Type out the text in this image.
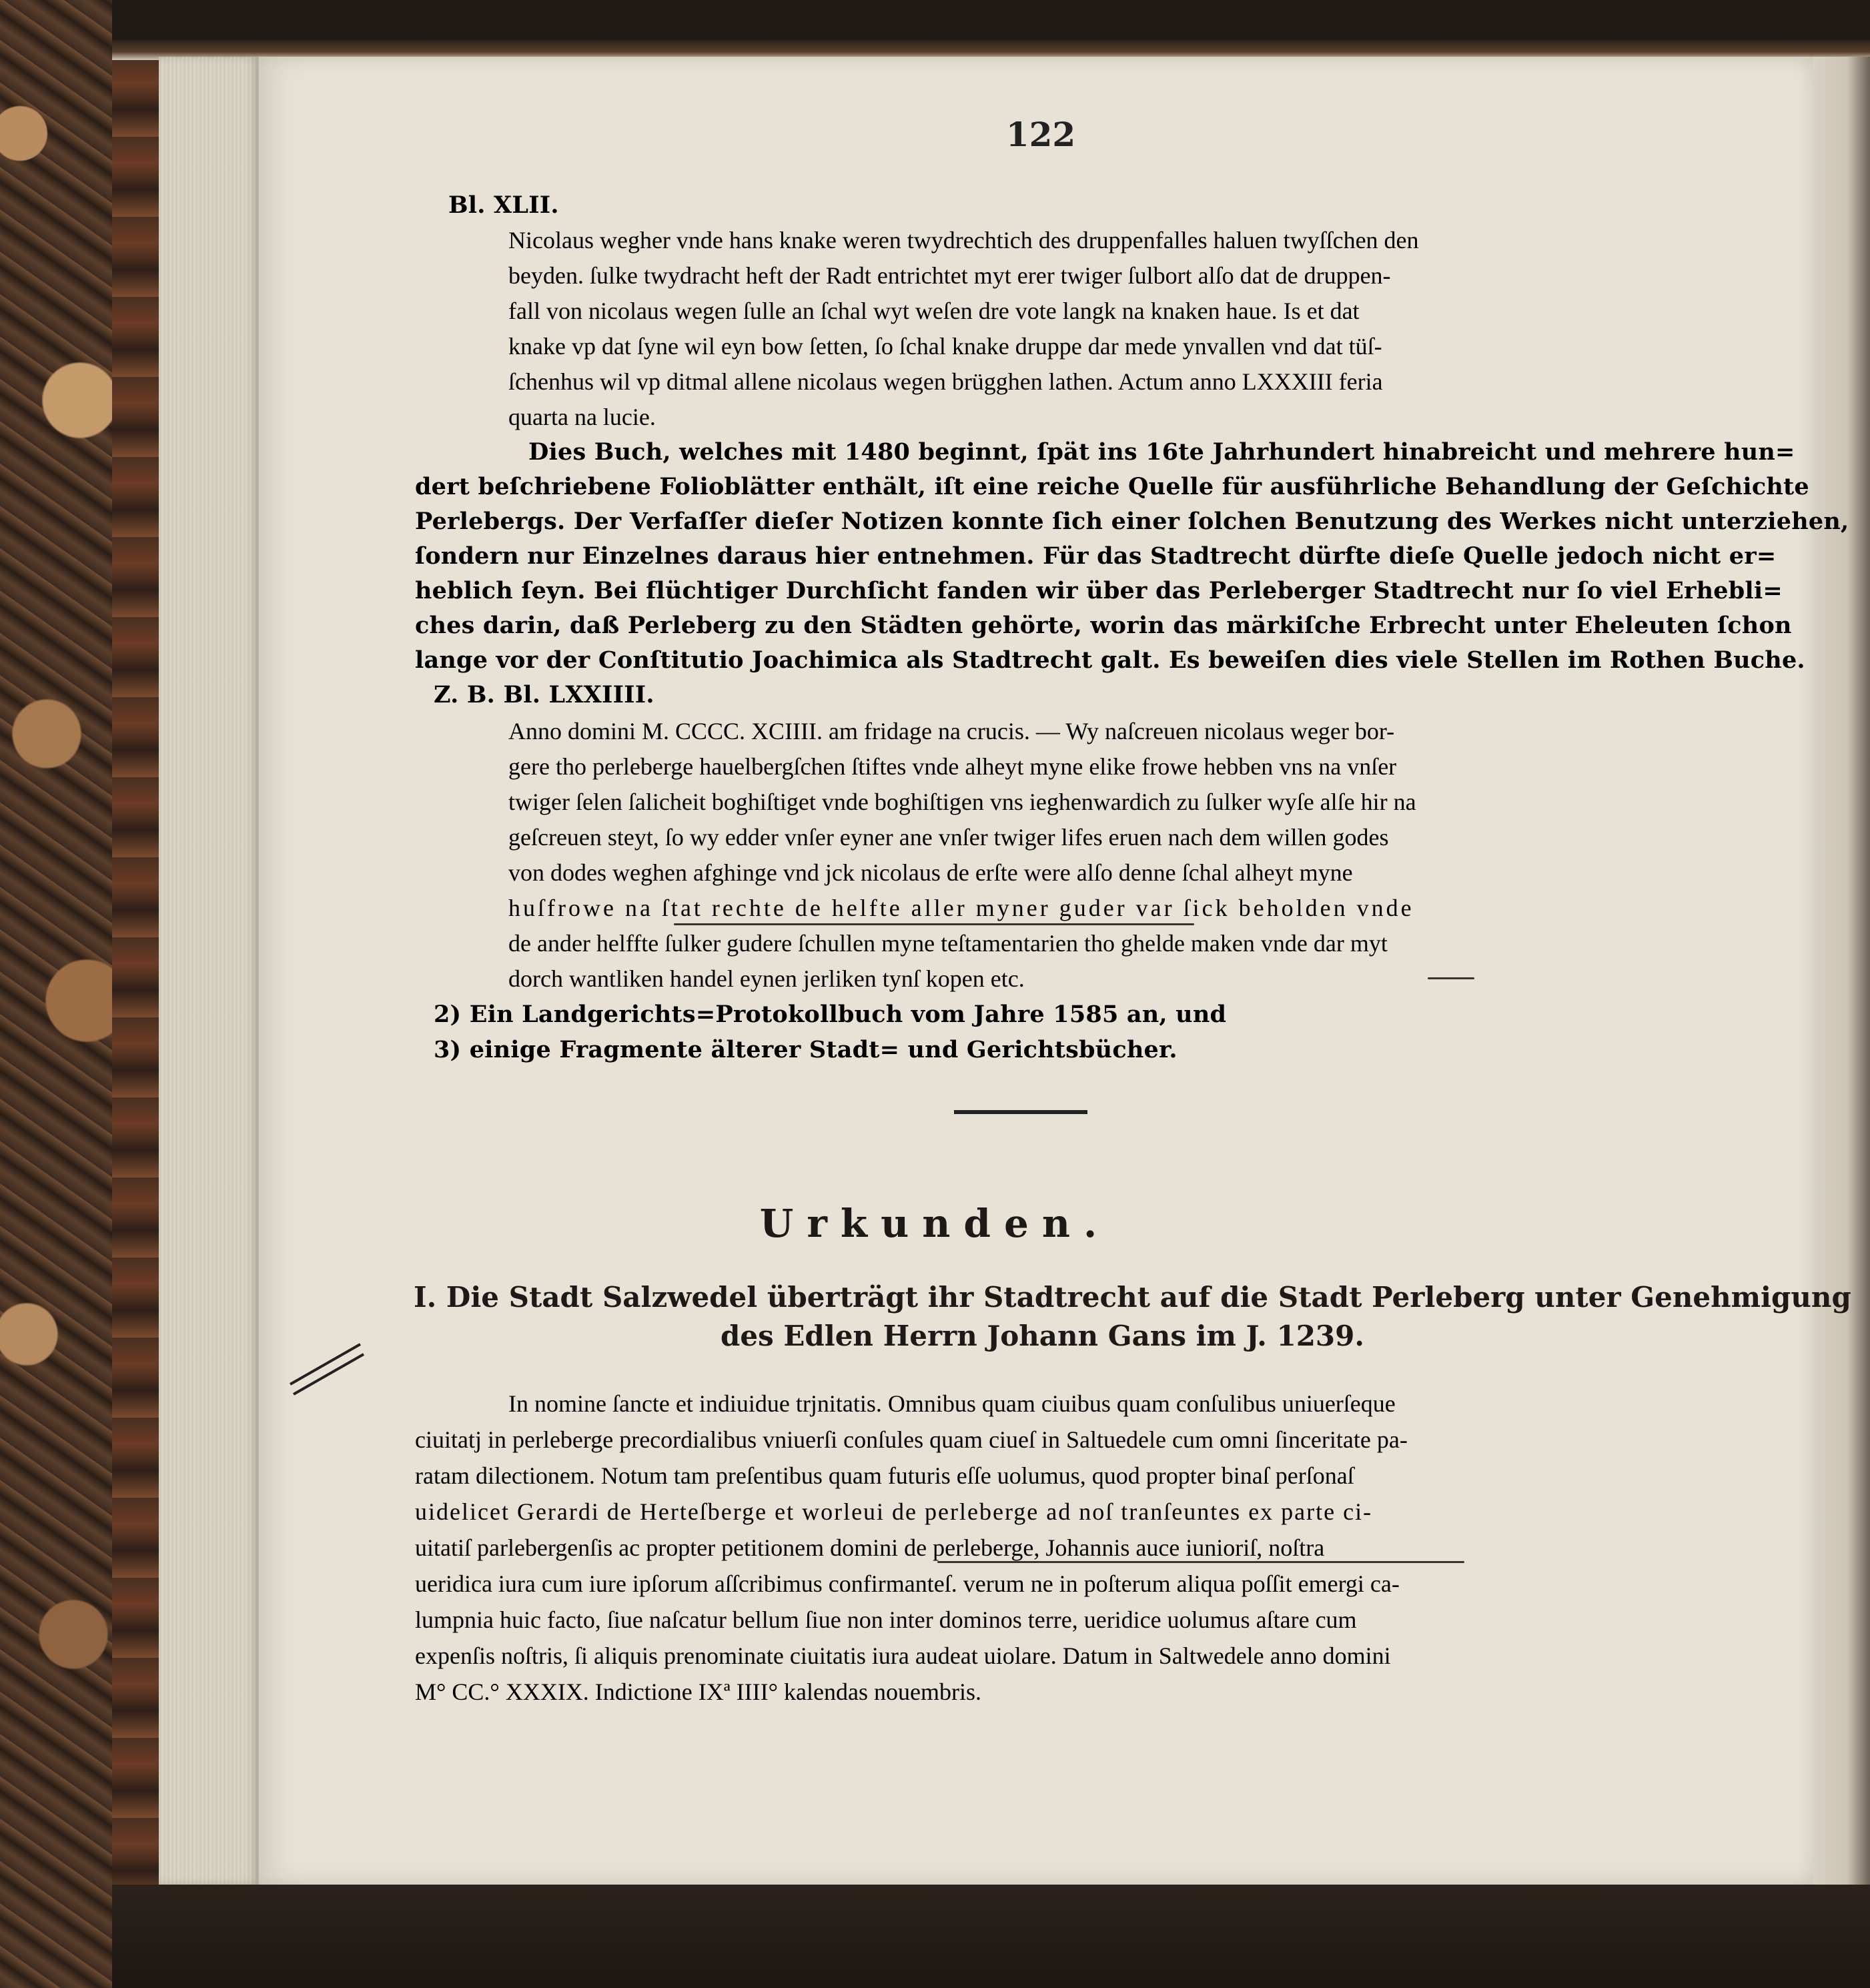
122
Bl. XLII.
Nicolaus wegher vnde hans knake weren twydrechtich des druppenfalles haluen twyſſchen den
beyden. ſulke twydracht heft der Radt entrichtet myt erer twiger ſulbort alſo dat de druppen-
fall von nicolaus wegen ſulle an ſchal wyt weſen dre vote langk na knaken haue. Is et dat
knake vp dat ſyne wil eyn bow ſetten, ſo ſchal knake druppe dar mede ynvallen vnd dat tüſ-
ſchenhus wil vp ditmal allene nicolaus wegen brügghen lathen. Actum anno LXXXIII feria
quarta na lucie.
Dies Buch, welches mit 1480 beginnt, ſpät ins 16te Jahrhundert hinabreicht und mehrere hun=
dert beſchriebene Folioblätter enthält, iſt eine reiche Quelle für ausführliche Behandlung der Geſchichte
Perlebergs. Der Verfaſſer dieſer Notizen konnte ſich einer ſolchen Benutzung des Werkes nicht unterziehen,
ſondern nur Einzelnes daraus hier entnehmen. Für das Stadtrecht dürfte dieſe Quelle jedoch nicht er=
heblich ſeyn. Bei flüchtiger Durchſicht fanden wir über das Perleberger Stadtrecht nur ſo viel Erhebli=
ches darin, daß Perleberg zu den Städten gehörte, worin das märkiſche Erbrecht unter Eheleuten ſchon
lange vor der Conſtitutio Joachimica als Stadtrecht galt. Es beweiſen dies viele Stellen im Rothen Buche.
Z. B. Bl. LXXIIII.
Anno domini M. CCCC. XCIIII. am fridage na crucis. — Wy naſcreuen nicolaus weger bor-
gere tho perleberge hauelbergſchen ſtiftes vnde alheyt myne elike frowe hebben vns na vnſer
twiger ſelen ſalicheit boghiſtiget vnde boghiſtigen vns ieghenwardich zu ſulker wyſe alſe hir na
geſcreuen steyt, ſo wy edder vnſer eyner ane vnſer twiger lifes eruen nach dem willen godes
von dodes weghen afghinge vnd jck nicolaus de erſte were alſo denne ſchal alheyt myne
huſfrowe na ſtat rechte de helfte aller myner guder var ſick beholden vnde
de ander helffte ſulker gudere ſchullen myne teſtamentarien tho ghelde maken vnde dar myt
dorch wantliken handel eynen jerliken tynſ kopen etc.
2) Ein Landgerichts=Protokollbuch vom Jahre 1585 an, und
3) einige Fragmente älterer Stadt= und Gerichtsbücher.
Urkunden.
I. Die Stadt Salzwedel überträgt ihr Stadtrecht auf die Stadt Perleberg unter Genehmigung
des Edlen Herrn Johann Gans im J. 1239.
In nomine ſancte et indiuidue trjnitatis. Omnibus quam ciuibus quam conſulibus uniuerſeque
ciuitatj in perleberge precordialibus vniuerſi conſules quam ciueſ in Saltuedele cum omni ſinceritate pa-
ratam dilectionem. Notum tam preſentibus quam futuris eſſe uolumus, quod propter binaſ perſonaſ
uidelicet Gerardi de Herteſberge et worleui de perleberge ad noſ tranſeuntes ex parte ci-
uitatiſ parlebergenſis ac propter petitionem domini de perleberge, Johannis auce iunioriſ, noſtra
ueridica iura cum iure ipſorum aſſcribimus confirmanteſ. verum ne in poſterum aliqua poſſit emergi ca-
lumpnia huic facto, ſiue naſcatur bellum ſiue non inter dominos terre, ueridice uolumus aſtare cum
expenſis noſtris, ſi aliquis prenominate ciuitatis iura audeat uiolare. Datum in Saltwedele anno domini
M° CC.° XXXIX. Indictione IXª IIII° kalendas nouembris.
